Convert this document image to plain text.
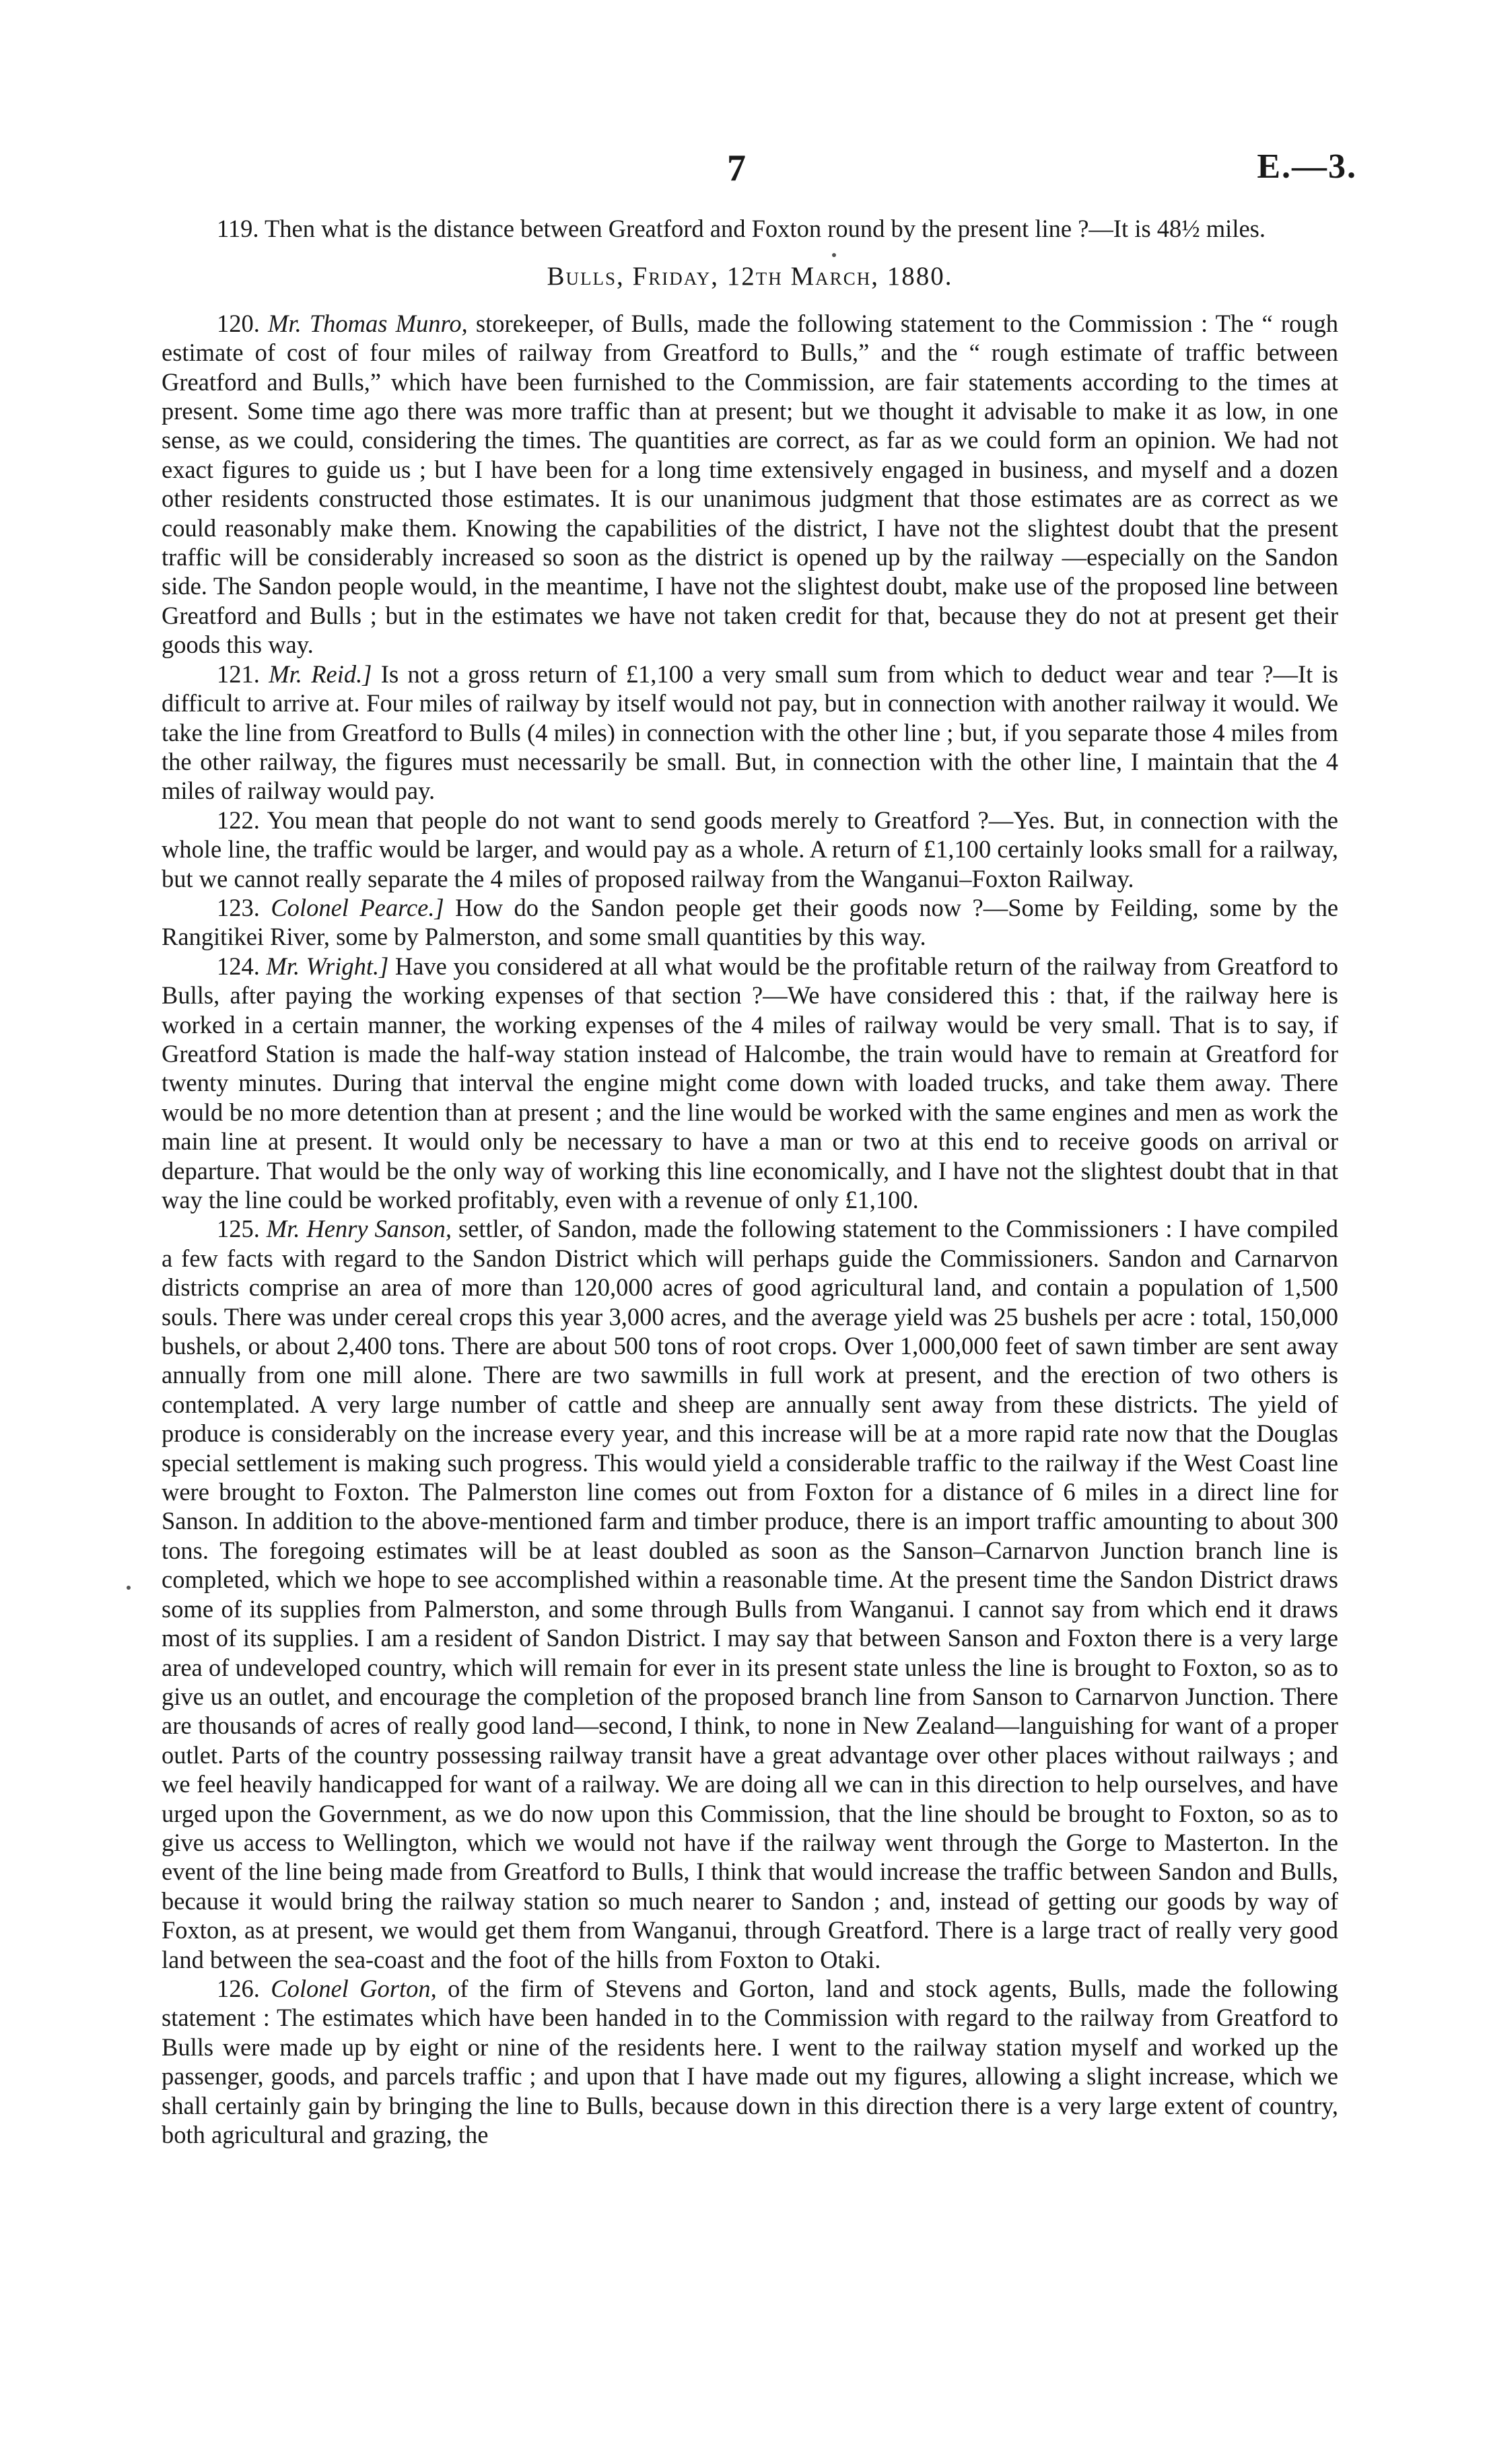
7	E.—3.

119. Then what is the distance between Greatford and Foxton round by the present line ?—It is 48½ miles.

Bulls, Friday, 12th March, 1880.

120. Mr. Thomas Munro, storekeeper, of Bulls, made the following statement to the Commission : The “ rough estimate of cost of four miles of railway from Greatford to Bulls,” and the “ rough estimate of traffic between Greatford and Bulls,” which have been furnished to the Commission, are fair statements according to the times at present. Some time ago there was more traffic than at present; but we thought it advisable to make it as low, in one sense, as we could, considering the times. The quantities are correct, as far as we could form an opinion. We had not exact figures to guide us ; but I have been for a long time extensively engaged in business, and myself and a dozen other residents constructed those estimates. It is our unanimous judgment that those estimates are as correct as we could reasonably make them. Knowing the capabilities of the district, I have not the slightest doubt that the present traffic will be considerably increased so soon as the district is opened up by the railway —especially on the Sandon side. The Sandon people would, in the meantime, I have not the slightest doubt, make use of the proposed line between Greatford and Bulls ; but in the estimates we have not taken credit for that, because they do not at present get their goods this way.

121. Mr. Reid.] Is not a gross return of £1,100 a very small sum from which to deduct wear and tear ?—It is difficult to arrive at. Four miles of railway by itself would not pay, but in connection with another railway it would. We take the line from Greatford to Bulls (4 miles) in connection with the other line ; but, if you separate those 4 miles from the other railway, the figures must necessarily be small. But, in connection with the other line, I maintain that the 4 miles of railway would pay.

122. You mean that people do not want to send goods merely to Greatford ?—Yes. But, in connection with the whole line, the traffic would be larger, and would pay as a whole. A return of £1,100 certainly looks small for a railway, but we cannot really separate the 4 miles of proposed railway from the Wanganui–Foxton Railway.

123. Colonel Pearce.] How do the Sandon people get their goods now ?—Some by Feilding, some by the Rangitikei River, some by Palmerston, and some small quantities by this way.

124. Mr. Wright.] Have you considered at all what would be the profitable return of the railway from Greatford to Bulls, after paying the working expenses of that section ?—We have considered this : that, if the railway here is worked in a certain manner, the working expenses of the 4 miles of railway would be very small. That is to say, if Greatford Station is made the half-way station instead of Halcombe, the train would have to remain at Greatford for twenty minutes. During that interval the engine might come down with loaded trucks, and take them away. There would be no more detention than at present ; and the line would be worked with the same engines and men as work the main line at present. It would only be necessary to have a man or two at this end to receive goods on arrival or departure. That would be the only way of working this line economically, and I have not the slightest doubt that in that way the line could be worked profitably, even with a revenue of only £1,100.

125. Mr. Henry Sanson, settler, of Sandon, made the following statement to the Commissioners : I have compiled a few facts with regard to the Sandon District which will perhaps guide the Commissioners. Sandon and Carnarvon districts comprise an area of more than 120,000 acres of good agricultural land, and contain a population of 1,500 souls. There was under cereal crops this year 3,000 acres, and the average yield was 25 bushels per acre : total, 150,000 bushels, or about 2,400 tons. There are about 500 tons of root crops. Over 1,000,000 feet of sawn timber are sent away annually from one mill alone. There are two sawmills in full work at present, and the erection of two others is contemplated. A very large number of cattle and sheep are annually sent away from these districts. The yield of produce is considerably on the increase every year, and this increase will be at a more rapid rate now that the Douglas special settlement is making such progress. This would yield a considerable traffic to the railway if the West Coast line were brought to Foxton. The Palmerston line comes out from Foxton for a distance of 6 miles in a direct line for Sanson. In addition to the above-mentioned farm and timber produce, there is an import traffic amounting to about 300 tons. The foregoing estimates will be at least doubled as soon as the Sanson–Carnarvon Junction branch line is completed, which we hope to see accomplished within a reasonable time. At the present time the Sandon District draws some of its supplies from Palmerston, and some through Bulls from Wanganui. I cannot say from which end it draws most of its supplies. I am a resident of Sandon District. I may say that between Sanson and Foxton there is a very large area of undeveloped country, which will remain for ever in its present state unless the line is brought to Foxton, so as to give us an outlet, and encourage the completion of the proposed branch line from Sanson to Carnarvon Junction. There are thousands of acres of really good land—second, I think, to none in New Zealand—languishing for want of a proper outlet. Parts of the country possessing railway transit have a great advantage over other places without railways ; and we feel heavily handicapped for want of a railway. We are doing all we can in this direction to help ourselves, and have urged upon the Government, as we do now upon this Commission, that the line should be brought to Foxton, so as to give us access to Wellington, which we would not have if the railway went through the Gorge to Masterton. In the event of the line being made from Greatford to Bulls, I think that would increase the traffic between Sandon and Bulls, because it would bring the railway station so much nearer to Sandon ; and, instead of getting our goods by way of Foxton, as at present, we would get them from Wanganui, through Greatford. There is a large tract of really very good land between the sea-coast and the foot of the hills from Foxton to Otaki.

126. Colonel Gorton, of the firm of Stevens and Gorton, land and stock agents, Bulls, made the following statement : The estimates which have been handed in to the Commission with regard to the railway from Greatford to Bulls were made up by eight or nine of the residents here. I went to the railway station myself and worked up the passenger, goods, and parcels traffic ; and upon that I have made out my figures, allowing a slight increase, which we shall certainly gain by bringing the line to Bulls, because down in this direction there is a very large extent of country, both agricultural and grazing, the
